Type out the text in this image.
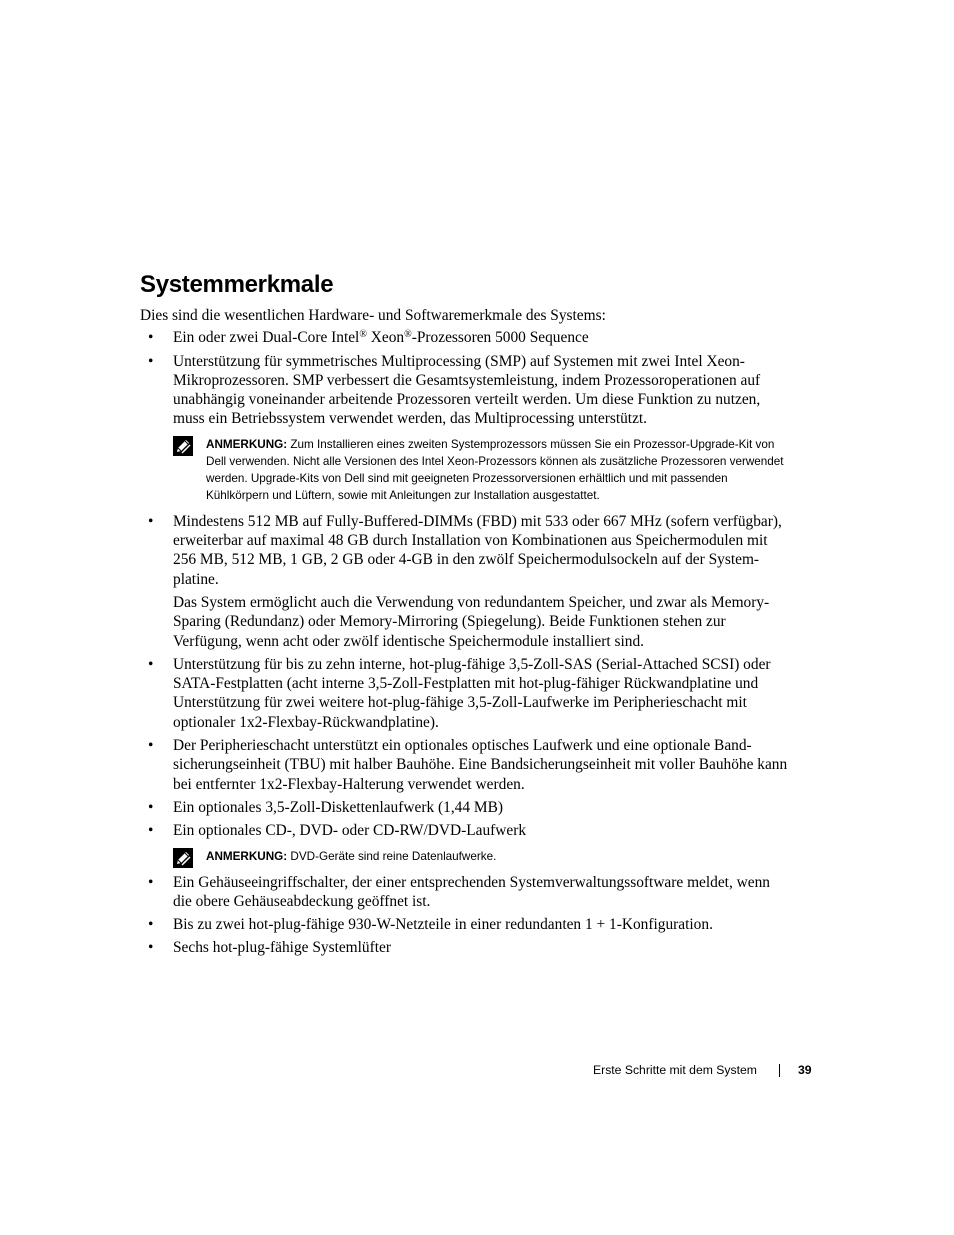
Systemmerkmale

Dies sind die wesentlichen Hardware- und Softwaremerkmale des Systems:

• Ein oder zwei Dual-Core Intel® Xeon®-Prozessoren 5000 Sequence

• Unterstützung für symmetrisches Multiprocessing (SMP) auf Systemen mit zwei Intel Xeon-Mikroprozessoren. SMP verbessert die Gesamtsystemleistung, indem Prozessoroperationen auf unabhängig voneinander arbeitende Prozessoren verteilt werden. Um diese Funktion zu nutzen, muss ein Betriebssystem verwendet werden, das Multiprocessing unterstützt.

ANMERKUNG: Zum Installieren eines zweiten Systemprozessors müssen Sie ein Prozessor-Upgrade-Kit von Dell verwenden. Nicht alle Versionen des Intel Xeon-Prozessors können als zusätzliche Prozessoren verwendet werden. Upgrade-Kits von Dell sind mit geeigneten Prozessorversionen erhältlich und mit passenden Kühlkörpern und Lüftern, sowie mit Anleitungen zur Installation ausgestattet.
• Mindestens 512 MB auf Fully-Buffered-DIMMs (FBD) mit 533 oder 667 MHz (sofern verfügbar), erweiterbar auf maximal 48 GB durch Installation von Kombinationen aus Speichermodulen mit 256 MB, 512 MB, 1 GB, 2 GB oder 4-GB in den zwölf Speichermodulsockeln auf der System-platine.

Das System ermöglicht auch die Verwendung von redundantem Speicher, und zwar als Memory-Sparing (Redundanz) oder Memory-Mirroring (Spiegelung). Beide Funktionen stehen zur Verfügung, wenn acht oder zwölf identische Speichermodule installiert sind.

• Unterstützung für bis zu zehn interne, hot-plug-fähige 3,5-Zoll-SAS (Serial-Attached SCSI) oder SATA-Festplatten (acht interne 3,5-Zoll-Festplatten mit hot-plug-fähiger Rückwandplatine und Unterstützung für zwei weitere hot-plug-fähige 3,5-Zoll-Laufwerke im Peripherieschacht mit optionaler 1x2-Flexbay-Rückwandplatine).

• Der Peripherieschacht unterstützt ein optionales optisches Laufwerk und eine optionale Band-sicherungseinheit (TBU) mit halber Bauhöhe. Eine Bandsicherungseinheit mit voller Bauhöhe kann bei entfernter 1x2-Flexbay-Halterung verwendet werden.

• Ein optionales 3,5-Zoll-Diskettenlaufwerk (1,44 MB)

• Ein optionales CD-, DVD- oder CD-RW/DVD-Laufwerk

ANMERKUNG: DVD-Geräte sind reine Datenlaufwerke.
• Ein Gehäuseeingriffschalter, der einer entsprechenden Systemverwaltungssoftware meldet, wenn die obere Gehäuseabdeckung geöffnet ist.

• Bis zu zwei hot-plug-fähige 930-W-Netzteile in einer redundanten 1 + 1-Konfiguration.

• Sechs hot-plug-fähige Systemlüfter

Erste Schritte mit dem System	39
